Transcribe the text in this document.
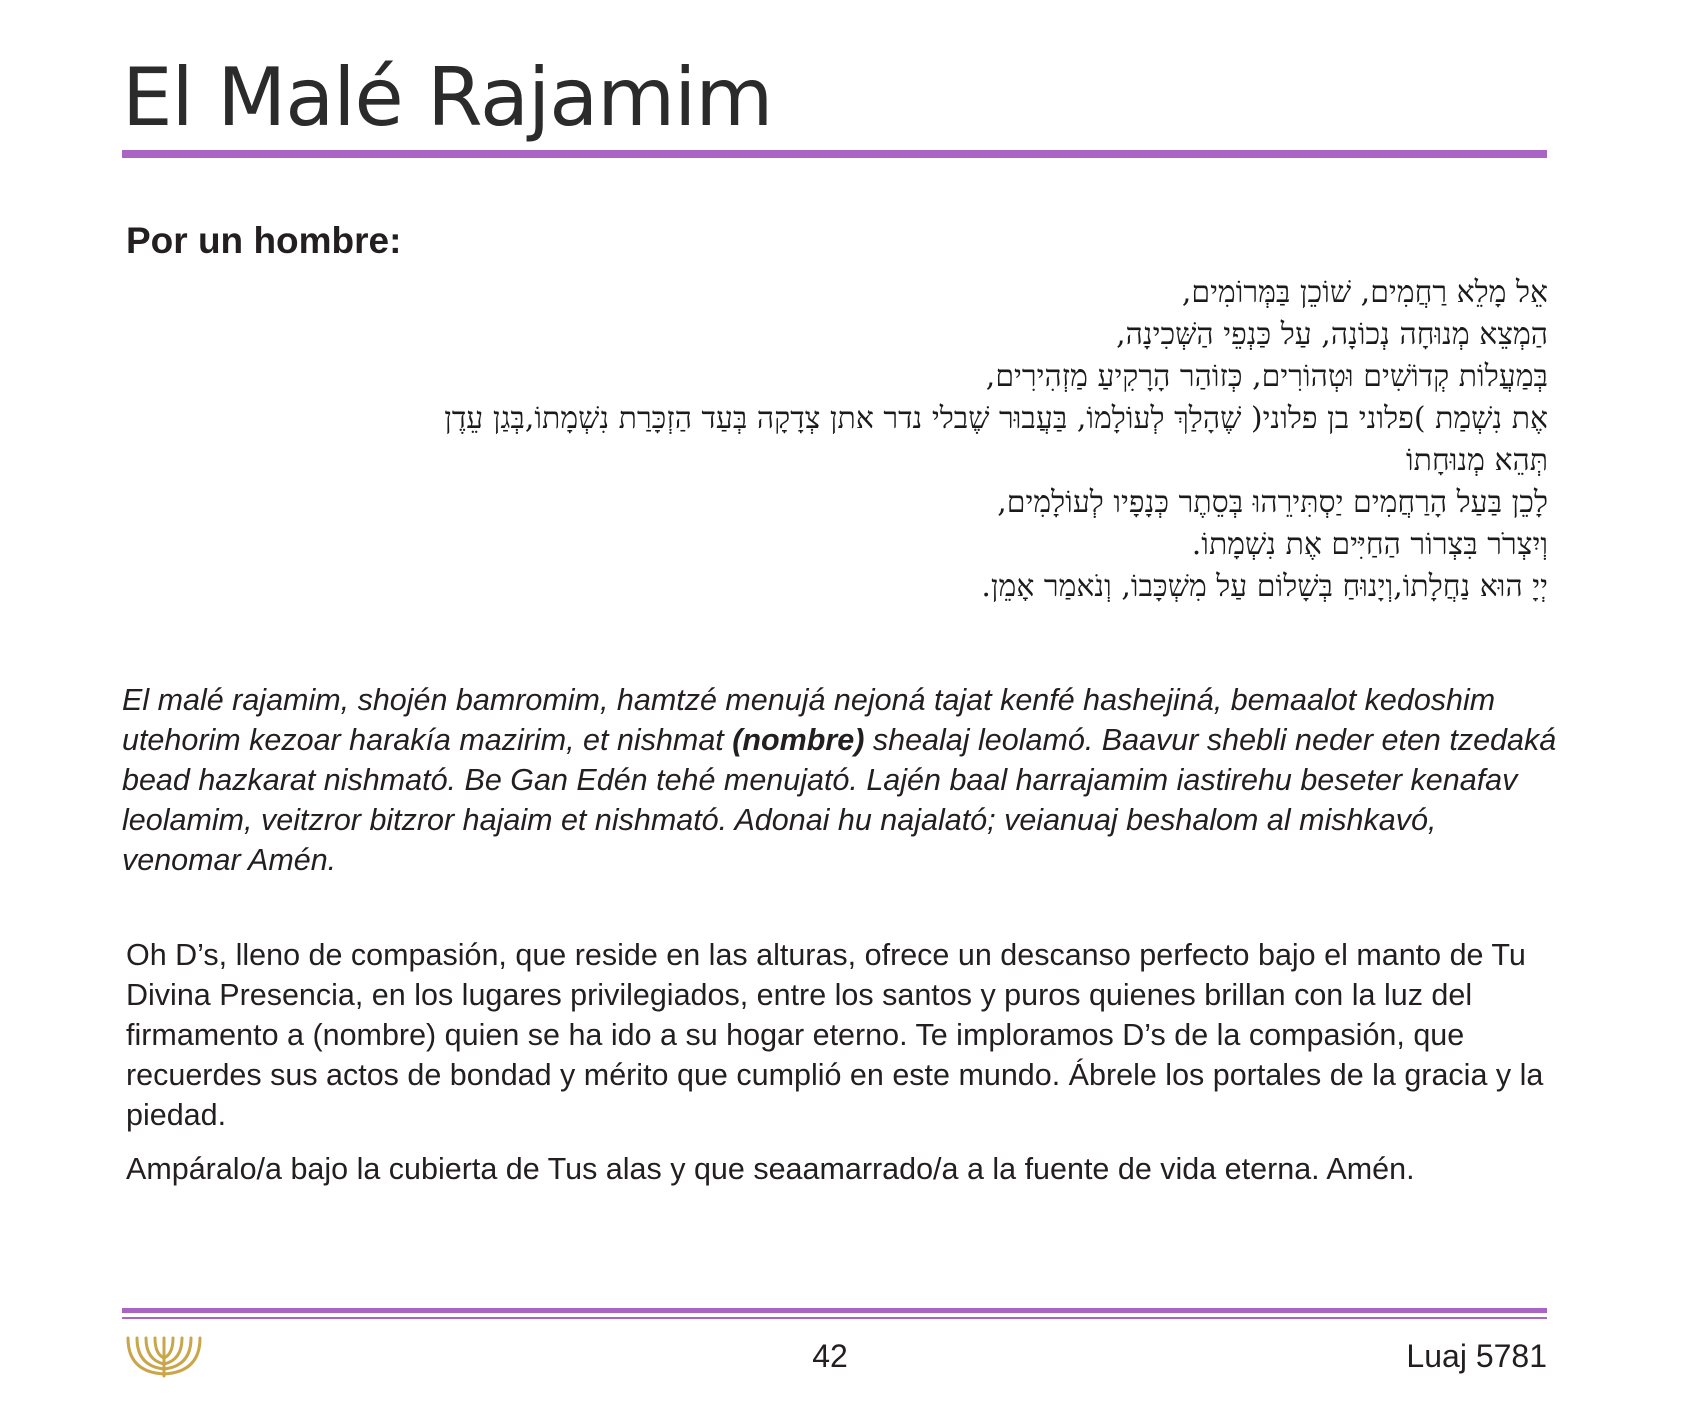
El Malé Rajamim
Por un hombre:
אֵל מָלֵא רַחֲמִים, שׁוֹכֵן בַּמְּרוֹמִים,
הַמְצֵא מְנוּחָה נְכוֹנָה, עַל כַּנְפֵי הַשְּׁכִינָה,
בְּמַעֲלוֹת קְדוֹשִׁים וּטְהוֹרִים, כְּזוֹהַר הָרָקִיעַ מַזְהִירִים,
אֶת נִשְׁמַת )פלוני בן פלוני( שֶׁהָלַךְ לְעוֹלָמוֹ, בַּעֲבוּר שֶׁבלי נדר אתן צְדָקָה בְּעַד הַזְכָּרַת נִשְׁמָתוֹ,בְּגַן עֵדֶן
תְּהֵא מְנוּחָתוֹ
לָכֵן בַּעַל הָרַחֲמִים יַסְתִּירֵהוּ בְּסֵתֶר כְּנָפָיו לְעוֹלָמִים,
וְיִצְרֹר בִּצְרוֹר הַחַיִּים אֶת נִשְׁמָתוֹ.
יְיָ הוּא נַחֲלָתוֹ,וְיָנוּחַ בְּשָׁלוֹם עַל מִשְׁכָּבוֹ, וְנֹאמַר אָמֵן.
El malé rajamim, shojén bamromim, hamtzé menujá nejoná tajat kenfé hashejiná, bemaalot kedoshim utehorim kezoar harakía mazirim, et nishmat (nombre) shealaj leolamó. Baavur shebli neder eten tzedaká bead hazkarat nishmató. Be Gan Edén tehé menujató. Lajén baal harrajamim iastirehu beseter kenafav leolamim, veitzror bitzror hajaim et nishmató. Adonai hu najalató; veianuaj beshalom al mishkavó, venomar Amén.

Oh D’s, lleno de compasión, que reside en las alturas, ofrece un descanso perfecto bajo el manto de Tu Divina Presencia, en los lugares privilegiados, entre los santos y puros quienes brillan con la luz del firmamento a (nombre) quien se ha ido a su hogar eterno. Te imploramos D’s de la compasión, que recuerdes sus actos de bondad y mérito que cumplió en este mundo. Ábrele los portales de la gracia y la piedad.

Ampáralo/a bajo la cubierta de Tus alas y que seaamarrado/a a la fuente de vida eterna. Amén.

42	Luaj 5781
